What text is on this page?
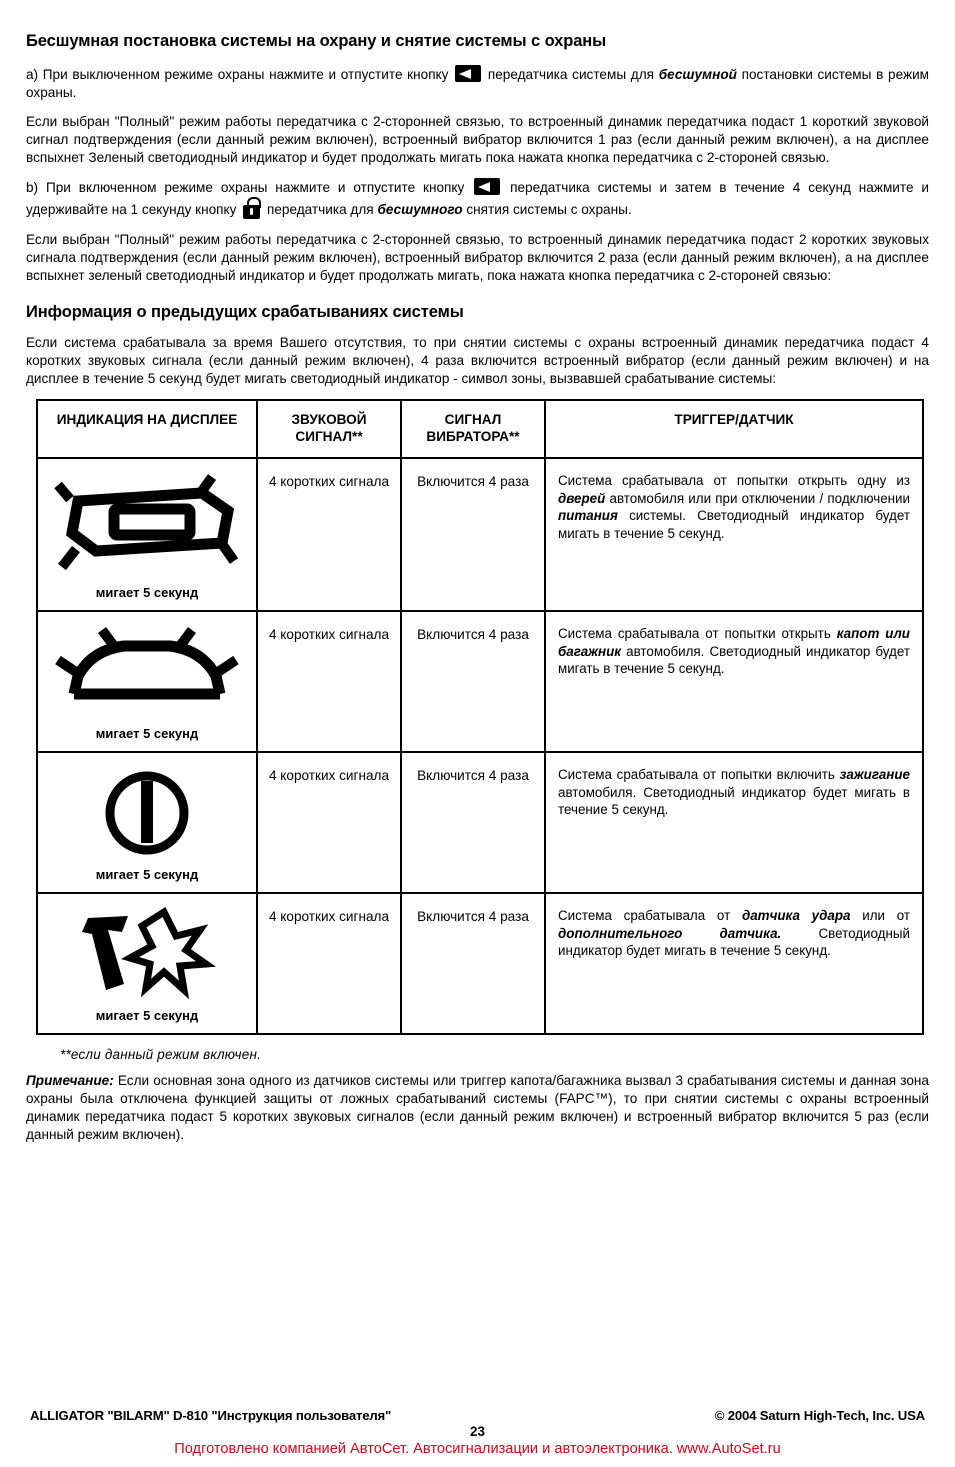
Бесшумная постановка системы на охрану и снятие системы с охраны

а) При выключенном режиме охраны нажмите и отпустите кнопку	передатчика системы для бесшумной постановки системы в режим охраны.

Если выбран "Полный" режим работы передатчика с 2-сторонней связью, то встроенный динамик передатчика подаст 1 короткий звуковой сигнал подтверждения (если данный режим включен), встроенный вибратор включится 1 раз (если данный режим включен), а на дисплее вспыхнет Зеленый светодиодный индикатор и будет продолжать мигать пока нажата кнопка передатчика с 2-стороней связью.

b) При включенном режиме охраны нажмите и отпустите кнопку	передатчика системы и затем в течение 4 секунд нажмите и удерживайте на 1 секунду кнопку передатчика для бесшумного снятия системы с охраны.

Если выбран "Полный" режим работы передатчика с 2-сторонней связью, то встроенный динамик передатчика подаст 2 коротких звуковых сигнала подтверждения (если данный режим включен), встроенный вибратор включится 2 раза (если данный режим включен), а на дисплее вспыхнет зеленый светодиодный индикатор и будет продолжать мигать, пока нажата кнопка передатчика с 2-стороней связью:

Информация о предыдущих срабатываниях системы

Если система срабатывала за время Вашего отсутствия, то при снятии системы с охраны встроенный динамик передатчика подаст 4 коротких звуковых сигнала (если данный режим включен), 4 раза включится встроенный вибратор (если данный режим включен) и на дисплее в течение 5 секунд будет мигать светодиодный индикатор - символ зоны, вызвавшей срабатывание системы:

ИНДИКАЦИЯ НА ДИСПЛЕЕ	ЗВУКОВОЙ СИГНАЛ**	СИГНАЛ ВИБРАТОРА**	ТРИГГЕР/ДАТЧИК

мигает 5 секунд	4 коротких сигнала	Включится 4 раза	Система срабатывала от попытки открыть одну из дверей автомобиля или при отключении / подключении питания системы. Светодиодный индикатор будет мигать в течение 5 секунд.

мигает 5 секунд	4 коротких сигнала	Включится 4 раза	Система срабатывала от попытки открыть капот или багажник автомобиля. Светодиодный индикатор будет мигать в течение 5 секунд.

мигает 5 секунд	4 коротких сигнала	Включится 4 раза	Система срабатывала от попытки включить зажигание автомобиля. Светодиодный индикатор будет мигать в течение 5 секунд.

мигает 5 секунд	4 коротких сигнала	Включится 4 раза	Система срабатывала от датчика удара или от дополнительного датчика. Светодиодный индикатор будет мигать в течение 5 секунд.
**если данный режим включен.

Примечание: Если основная зона одного из датчиков системы или триггер капота/багажника вызвал 3 срабатывания системы и данная зона охраны была отключена функцией защиты от ложных срабатываний системы (FAPC™), то при снятии системы с охраны встроенный динамик передатчика подаст 5 коротких звуковых сигналов (если данный режим включен) и встроенный вибратор включится 5 раз (если данный режим включен).

ALLIGATOR "BILARM" D-810 "Инструкция пользователя"	© 2004 Saturn High-Tech, Inc. USA
23
Подготовлено компанией АвтоСет. Автосигнализации и автоэлектроника. www.AutoSet.ru
